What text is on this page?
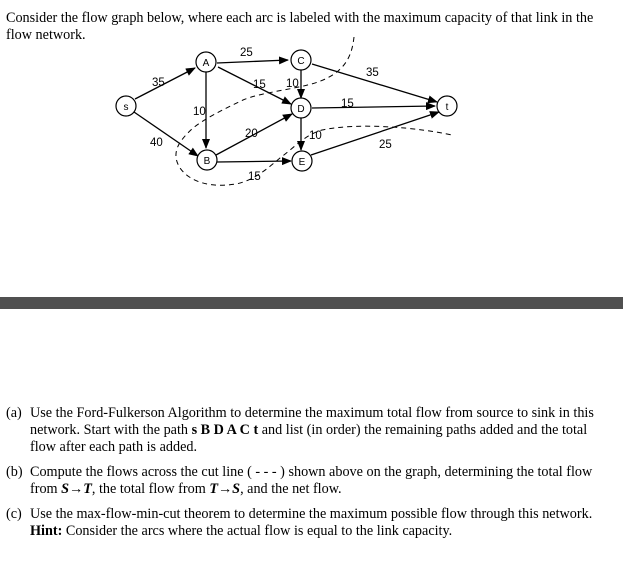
Consider the flow graph below, where each arc is labeled with the maximum capacity of that link in the flow network.

25
35	15 10
35
15
10
20	10
40	25
15
s
A
B
C
D
E
t
(a) Use the Ford-Fulkerson Algorithm to determine the maximum total flow from source to sink in this network. Start with the path s B D A C t and list (in order) the remaining paths added and the total flow after each path is added.
(b) Compute the flows across the cut line ( - - - ) shown above on the graph, determining the total flow from S→T, the total flow from T→S, and the net flow.
(c) Use the max-flow-min-cut theorem to determine the maximum possible flow through this network. Hint: Consider the arcs where the actual flow is equal to the link capacity.
